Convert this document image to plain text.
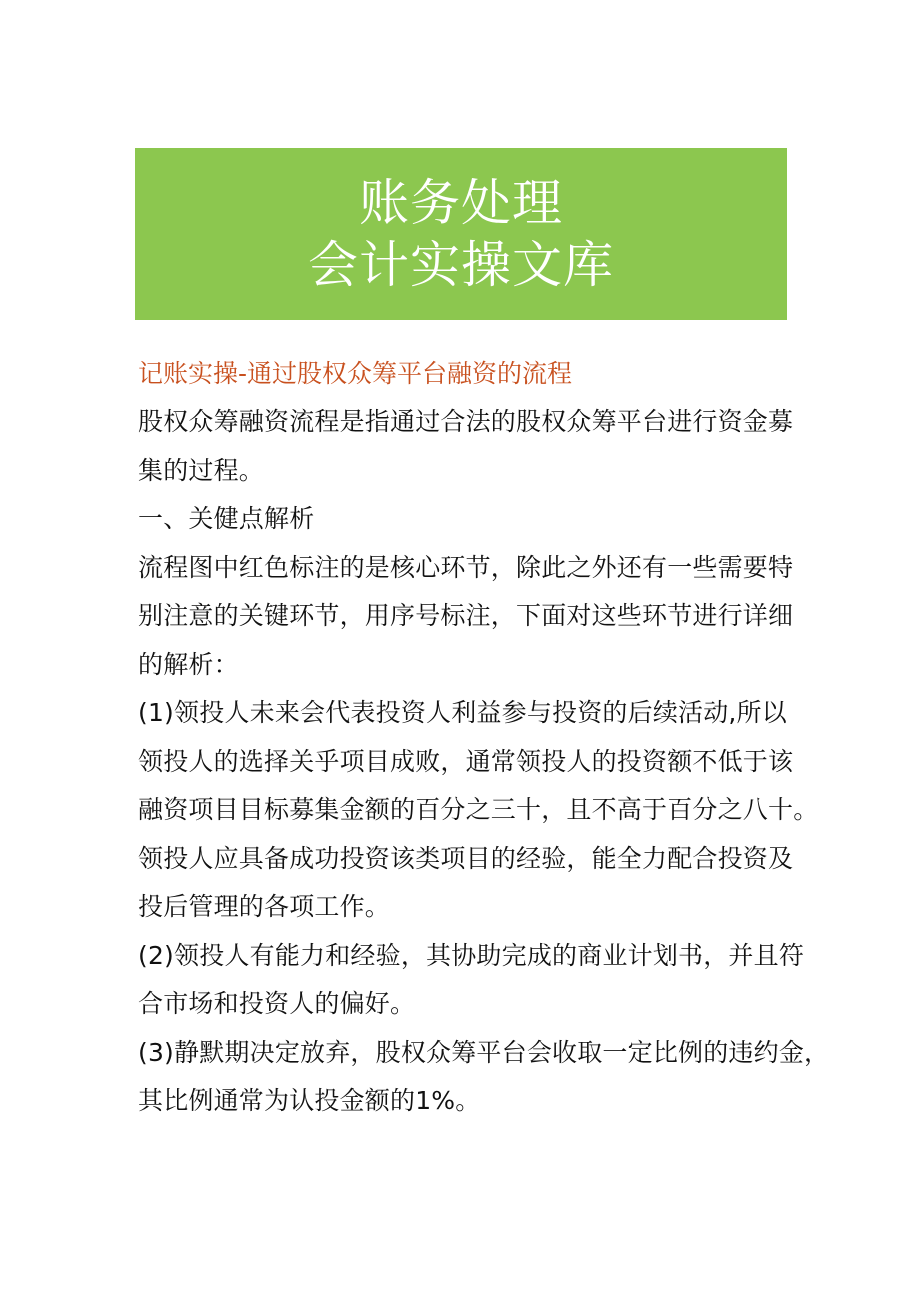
账务处理
会计实操文库
记账实操-通过股权众筹平台融资的流程

股权众筹融资流程是指通过合法的股权众筹平台进行资金募
集的过程。

一、关健点解析

流程图中红色标注的是核心环节，除此之外还有一些需要特
别注意的关键环节，用序号标注，下面对这些环节进行详细
的解析：

(1)领投人未来会代表投资人利益参与投资的后续活动,所以
领投人的选择关乎项目成败，通常领投人的投资额不低于该
融资项目目标募集金额的百分之三十，且不高于百分之八十。
领投人应具备成功投资该类项目的经验，能全力配合投资及
投后管理的各项工作。

(2)领投人有能力和经验，其协助完成的商业计划书，并且符
合市场和投资人的偏好。

(3)静默期决定放弃，股权众筹平台会收取一定比例的违约金，
其比例通常为认投金额的1%。
